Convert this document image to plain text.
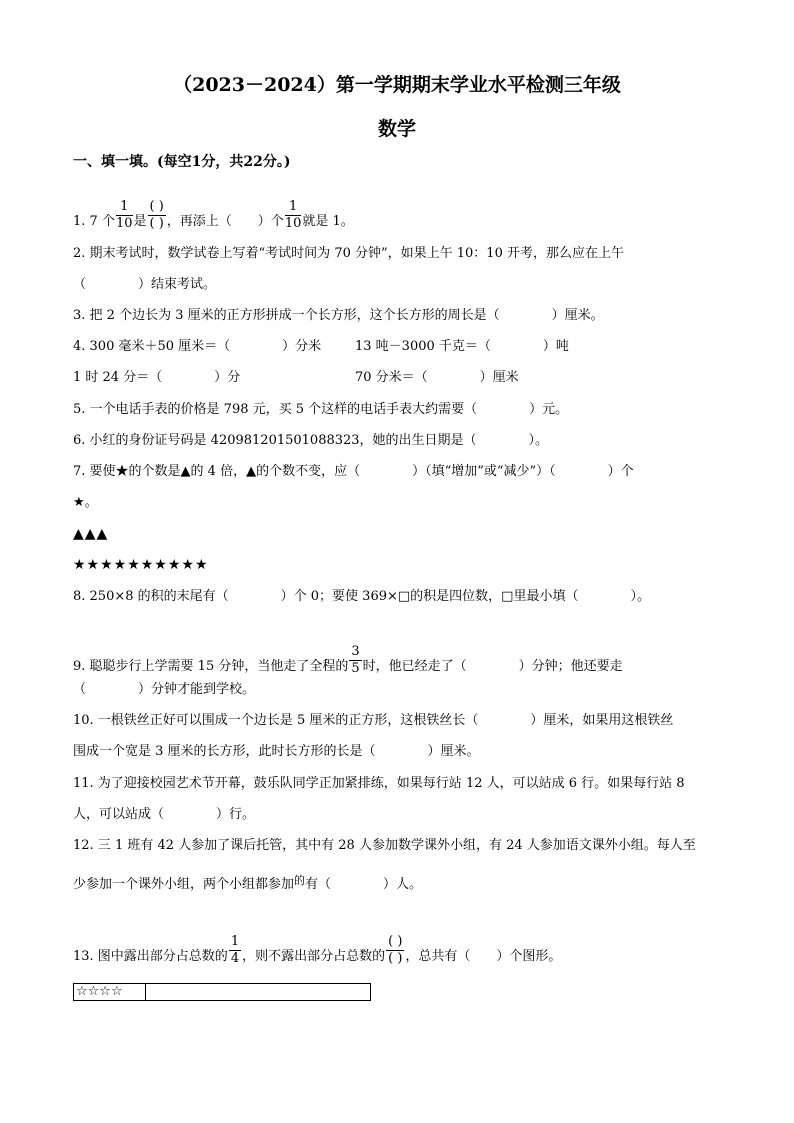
（2023－2024）第一学期期末学业水平检测三年级
数学
一、填一填。(每空1分，共22分。)
1. 7 个 $\frac{1}{10}$ 是 $\frac{( )}{( )}$ ，再添上（　　）个 $\frac{1}{10}$ 就是 1。
2. 期末考试时，数学试卷上写着“考试时间为 70 分钟”，如果上午 10：10 开考，那么应在上午
（　　　　）结束考试。
3. 把 2 个边长为 3 厘米的正方形拼成一个长方形，这个长方形的周长是（　　　　）厘米。
4. 300 毫米＋50 厘米＝（　　　　）分米	13 吨－3000 千克＝（　　　　）吨
1 时 24 分＝（　　　　）分	70 分米＝（　　　　）厘米
5. 一个电话手表的价格是 798 元，买 5 个这样的电话手表大约需要（　　　　）元。
6. 小红的身份证号码是 420981201501088323，她的出生日期是（　　　　）。
7. 要使★的个数是▲的 4 倍，▲的个数不变，应（　　　　）（填“增加”或“减少”）（　　　　）个
★。
▲▲▲
★★★★★★★★★★
8. 250×8 的积的末尾有（　　　　）个 0；要使 369×□的积是四位数，□里最小填（　　　　）。
9. 聪聪步行上学需要 15 分钟，当他走了全程的 $\frac{3}{5}$ 时，他已经走了（　　　　）分钟；他还要走
（　　　　）分钟才能到学校。
10. 一根铁丝正好可以围成一个边长是 5 厘米的正方形，这根铁丝长（　　　　）厘米，如果用这根铁丝
围成一个宽是 3 厘米的长方形，此时长方形的长是（　　　　）厘米。
11. 为了迎接校园艺术节开幕，鼓乐队同学正加紧排练，如果每行站 12 人，可以站成 6 行。如果每行站 8
人，可以站成（　　　　）行。
12. 三 1 班有 42 人参加了课后托管，其中有 28 人参加数学课外小组，有 24 人参加语文课外小组。每人至
少参加一个课外小组，两个小组都参加$^的$有（　　　　）人。
13. 图中露出部分占总数的 $\frac{1}{4}$ ，则不露出部分占总数的 $\frac{( )}{( )}$ ，总共有（　　）个图形。
☆☆☆☆
